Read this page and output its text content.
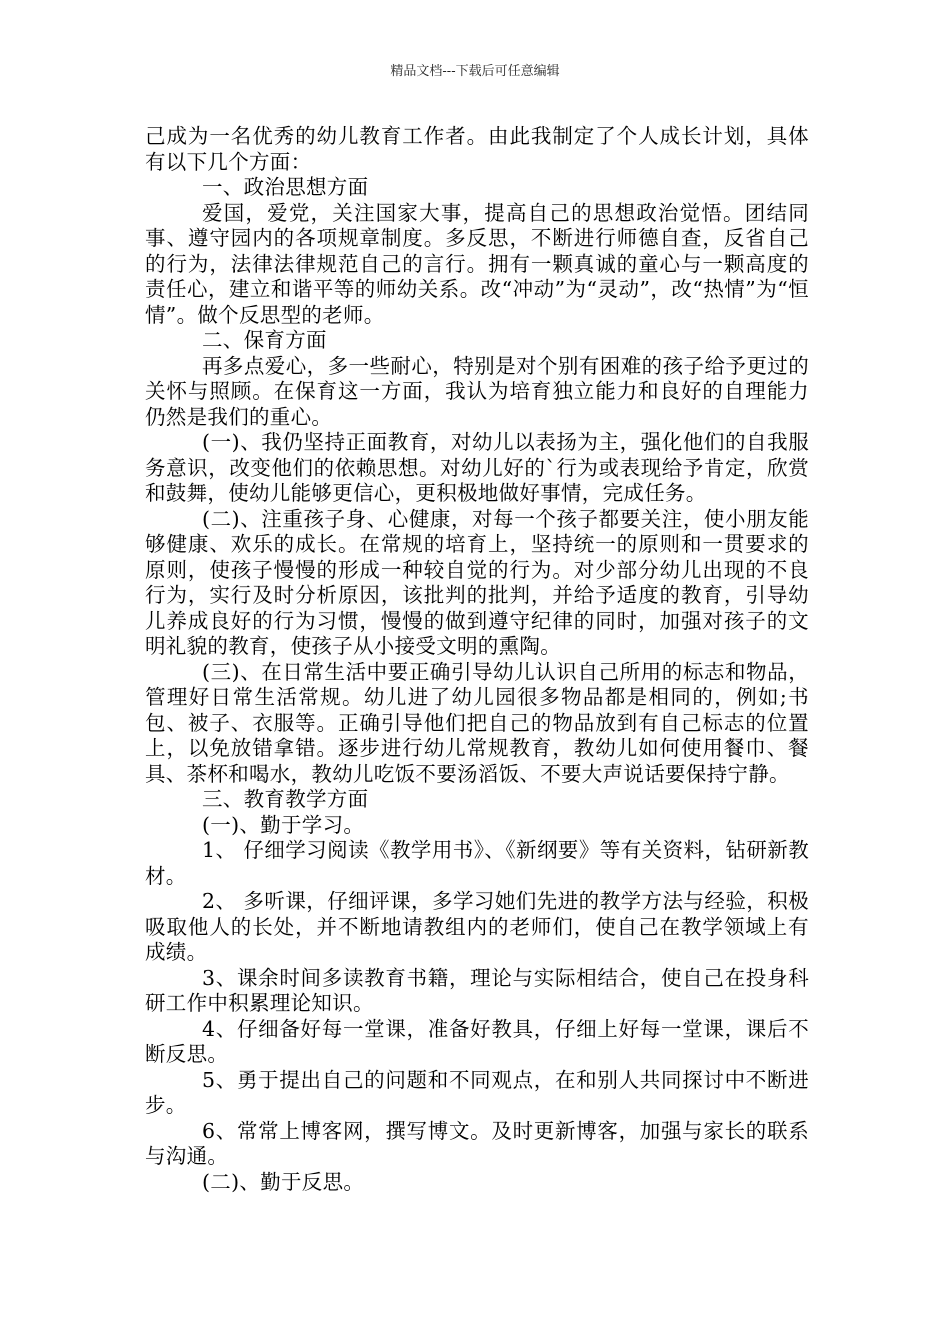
精品文档---下载后可任意编辑

己成为一名优秀的幼儿教育工作者。由此我制定了个人成长计划，具体有以下几个方面：

一、政治思想方面

爱国，爱党，关注国家大事，提高自己的思想政治觉悟。团结同事、遵守园内的各项规章制度。多反思，不断进行师德自查，反省自己的行为，法律法律规范自己的言行。拥有一颗真诚的童心与一颗高度的责任心，建立和谐平等的师幼关系。改“冲动”为“灵动”，改“热情”为“恒情”。做个反思型的老师。

二、保育方面

再多点爱心，多一些耐心，特别是对个别有困难的孩子给予更过的关怀与照顾。在保育这一方面，我认为培育独立能力和良好的自理能力仍然是我们的重心。

(一)、我仍坚持正面教育，对幼儿以表扬为主，强化他们的自我服务意识，改变他们的依赖思想。对幼儿好的`行为或表现给予肯定，欣赏和鼓舞，使幼儿能够更信心，更积极地做好事情，完成任务。

(二)、注重孩子身、心健康，对每一个孩子都要关注，使小朋友能够健康、欢乐的成长。在常规的培育上，坚持统一的原则和一贯要求的原则，使孩子慢慢的形成一种较自觉的行为。对少部分幼儿出现的不良行为，实行及时分析原因，该批判的批判，并给予适度的教育，引导幼儿养成良好的行为习惯，慢慢的做到遵守纪律的同时，加强对孩子的文明礼貌的教育，使孩子从小接受文明的熏陶。

(三)、在日常生活中要正确引导幼儿认识自己所用的标志和物品，管理好日常生活常规。幼儿进了幼儿园很多物品都是相同的，例如;书包、被子、衣服等。正确引导他们把自己的物品放到有自己标志的位置上，以免放错拿错。逐步进行幼儿常规教育，教幼儿如何使用餐巾、餐具、茶杯和喝水，教幼儿吃饭不要汤滔饭、不要大声说话要保持宁静。

三、教育教学方面

(一)、勤于学习。

1、 仔细学习阅读《教学用书》、《新纲要》等有关资料，钻研新教材。

2、 多听课，仔细评课，多学习她们先进的教学方法与经验，积极吸取他人的长处，并不断地请教组内的老师们，使自己在教学领域上有成绩。

3、课余时间多读教育书籍，理论与实际相结合，使自己在投身科研工作中积累理论知识。

4、仔细备好每一堂课，准备好教具，仔细上好每一堂课，课后不断反思。

5、勇于提出自己的问题和不同观点，在和别人共同探讨中不断进步。

6、常常上博客网，撰写博文。及时更新博客，加强与家长的联系与沟通。

(二)、勤于反思。
